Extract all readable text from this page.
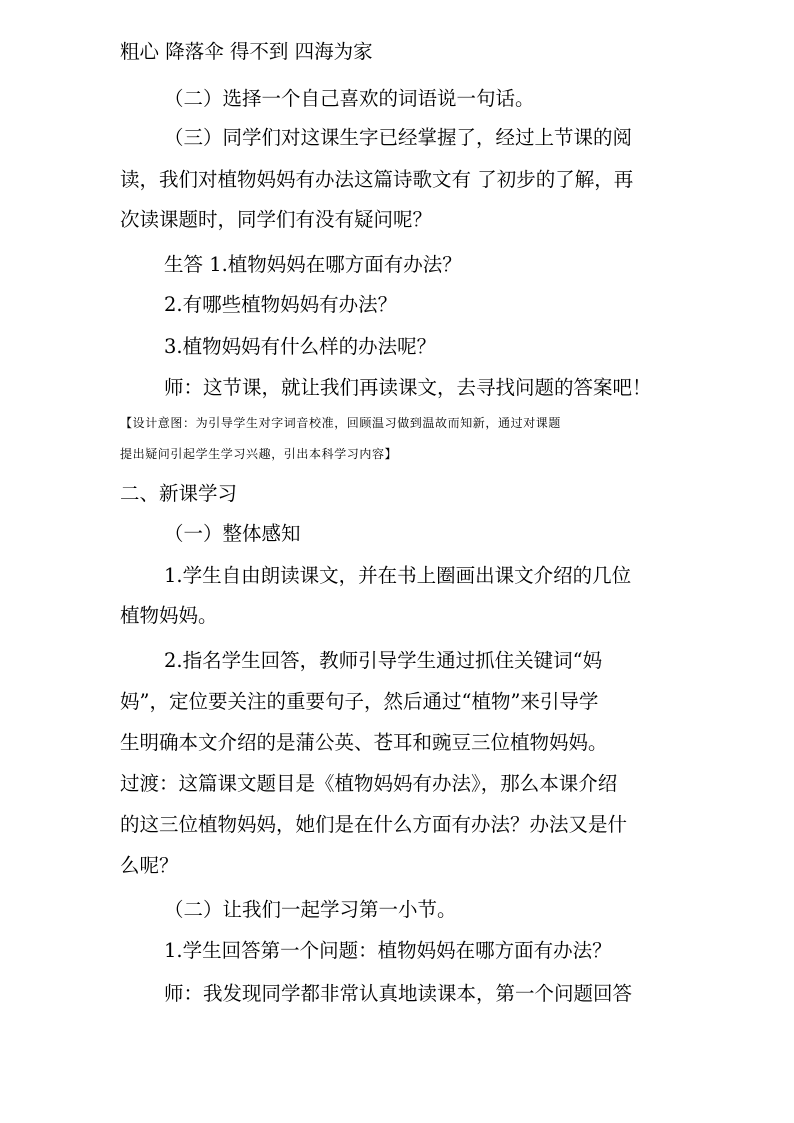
粗心 降落伞 得不到 四海为家
（二）选择一个自己喜欢的词语说一句话。
（三）同学们对这课生字已经掌握了，经过上节课的阅
读，我们对植物妈妈有办法这篇诗歌文有 了初步的了解，再
次读课题时，同学们有没有疑问呢？
生答 1.植物妈妈在哪方面有办法？
2.有哪些植物妈妈有办法？
3.植物妈妈有什么样的办法呢？
师：这节课，就让我们再读课文，去寻找问题的答案吧！
【设计意图：为引导学生对字词音校准，回顾温习做到温故而知新，通过对课题
提出疑问引起学生学习兴趣，引出本科学习内容】
二、新课学习
（一）整体感知
1.学生自由朗读课文，并在书上圈画出课文介绍的几位
植物妈妈。
2.指名学生回答，教师引导学生通过抓住关键词“妈
妈”，定位要关注的重要句子，然后通过“植物”来引导学
生明确本文介绍的是蒲公英、苍耳和豌豆三位植物妈妈。
过渡：这篇课文题目是《植物妈妈有办法》，那么本课介绍
的这三位植物妈妈，她们是在什么方面有办法？办法又是什
么呢？
（二）让我们一起学习第一小节。
1.学生回答第一个问题：植物妈妈在哪方面有办法？
师：我发现同学都非常认真地读课本，第一个问题回答
